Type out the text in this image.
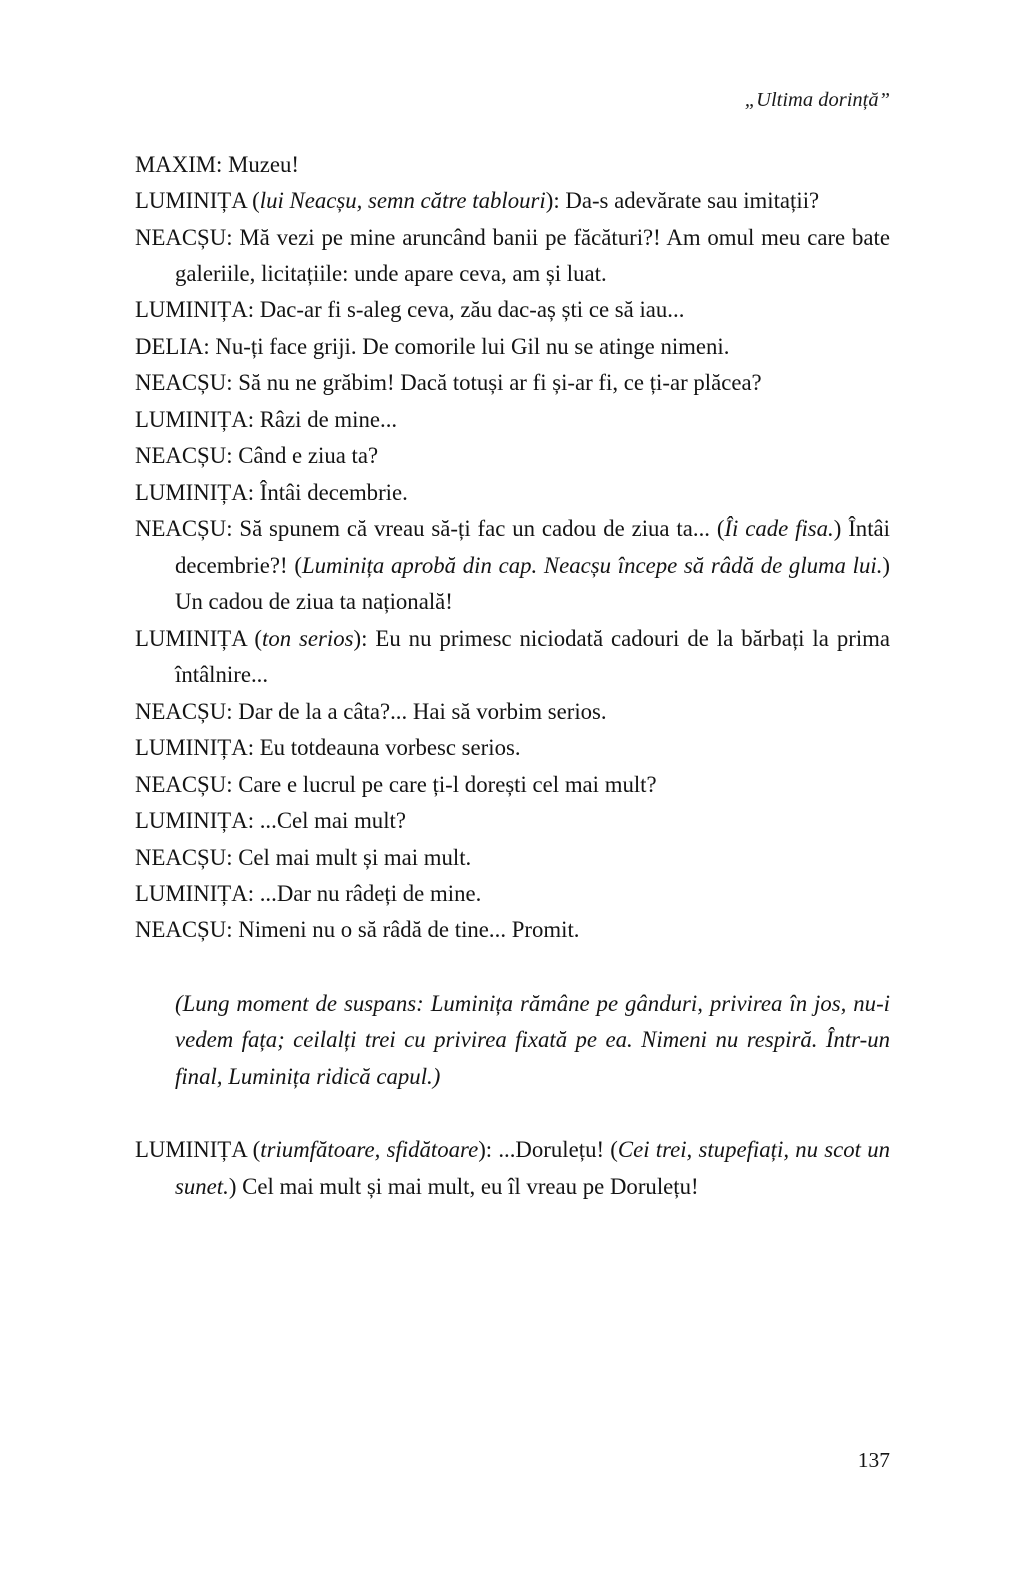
„Ultima dorință”

MAXIM: Muzeu!

LUMINIȚA (lui Neacșu, semn către tablouri): Da-s adevărate sau imitații?

NEACȘU: Mă vezi pe mine aruncând banii pe făcături?! Am omul meu care bate galeriile, licitațiile: unde apare ceva, am și luat.

LUMINIȚA: Dac-ar fi s-aleg ceva, zău dac-aș ști ce să iau...

DELIA: Nu-ți face griji. De comorile lui Gil nu se atinge nimeni.

NEACȘU: Să nu ne grăbim! Dacă totuși ar fi și-ar fi, ce ți-ar plăcea?

LUMINIȚA: Râzi de mine...

NEACȘU: Când e ziua ta?

LUMINIȚA: Întâi decembrie.

NEACȘU: Să spunem că vreau să-ți fac un cadou de ziua ta... (Îi cade fisa.) Întâi decembrie?! (Luminița aprobă din cap. Neacșu începe să râdă de gluma lui.) Un cadou de ziua ta națională!

LUMINIȚA (ton serios): Eu nu primesc niciodată cadouri de la bărbați la prima întâlnire...

NEACȘU: Dar de la a câta?... Hai să vorbim serios.

LUMINIȚA: Eu totdeauna vorbesc serios.

NEACȘU: Care e lucrul pe care ți-l dorești cel mai mult?

LUMINIȚA: ...Cel mai mult?

NEACȘU: Cel mai mult și mai mult.

LUMINIȚA: ...Dar nu râdeți de mine.

NEACȘU: Nimeni nu o să râdă de tine... Promit.

(Lung moment de suspans: Luminița rămâne pe gânduri, privirea în jos, nu-i vedem fața; ceilalți trei cu privirea fixată pe ea. Nimeni nu respiră. Într-un final, Luminița ridică capul.)

LUMINIȚA (triumfătoare, sfidătoare): ...Dorulețu! (Cei trei, stupefiați, nu scot un sunet.) Cel mai mult și mai mult, eu îl vreau pe Dorulețu!

137
